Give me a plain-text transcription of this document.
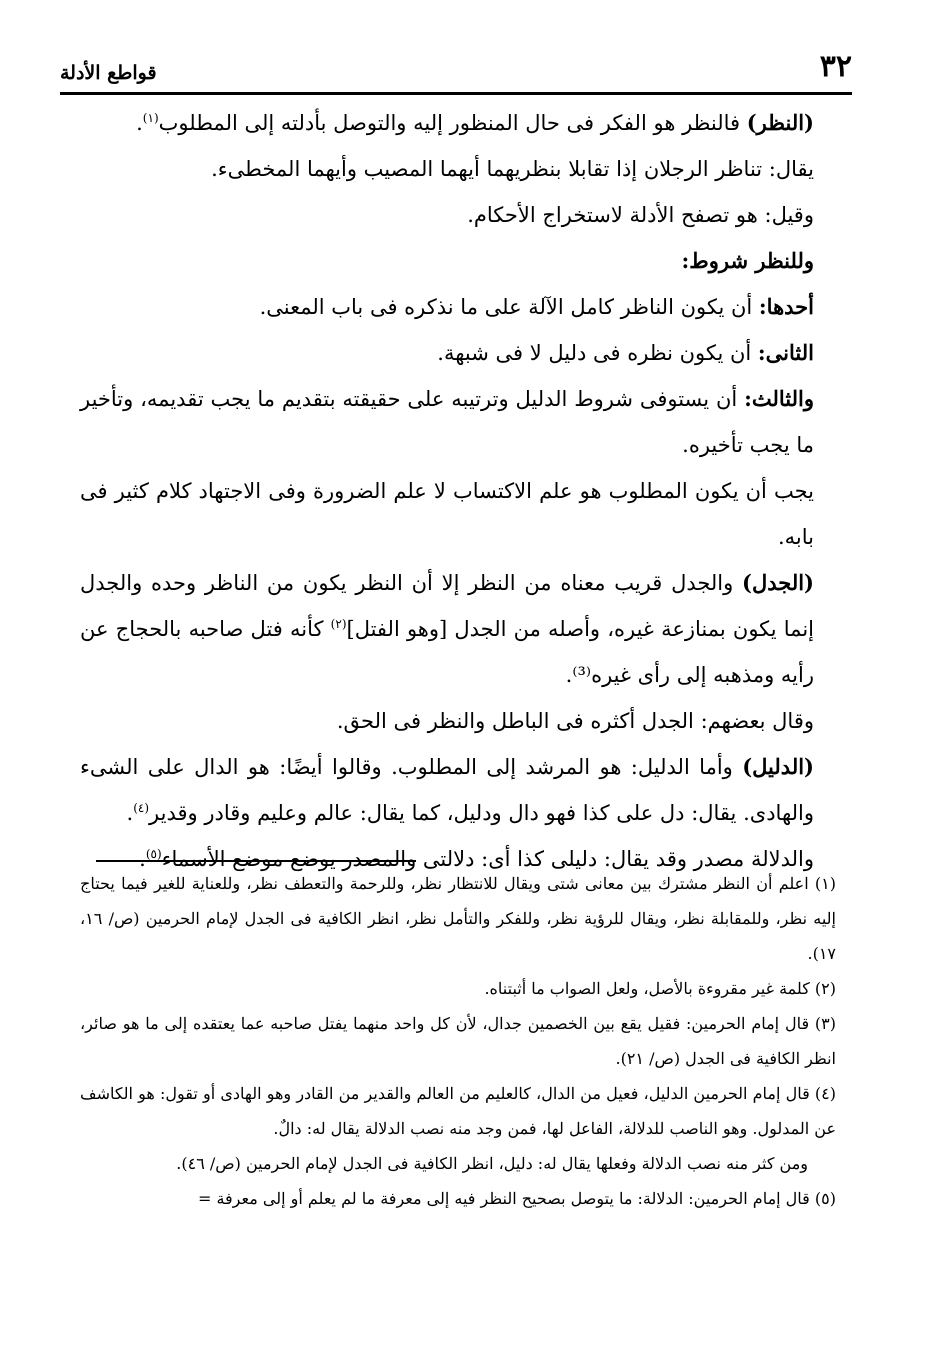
٣٢
قواطع الأدلة

(النظر) فالنظر هو الفكر فى حال المنظور إليه والتوصل بأدلته إلى المطلوب$^{(١)}$.

يقال: تناظر الرجلان إذا تقابلا بنظريهما أيهما المصيب وأيهما المخطىء.

وقيل: هو تصفح الأدلة لاستخراج الأحكام.

وللنظر شروط:

أحدها: أن يكون الناظر كامل الآلة على ما نذكره فى باب المعنى.

الثانى: أن يكون نظره فى دليل لا فى شبهة.

والثالث: أن يستوفى شروط الدليل وترتيبه على حقيقته بتقديم ما يجب تقديمه، وتأخير ما يجب تأخيره.

يجب أن يكون المطلوب هو علم الاكتساب لا علم الضرورة وفى الاجتهاد كلام كثير فى بابه.

(الجدل) والجدل قريب معناه من النظر إلا أن النظر يكون من الناظر وحده والجدل إنما يكون بمنازعة غيره، وأصله من الجدل [وهو الفتل]$^{(٢)}$ كأنه فتل صاحبه بالحجاج عن رأيه ومذهبه إلى رأى غيره⁽³⁾.

وقال بعضهم: الجدل أكثره فى الباطل والنظر فى الحق.

(الدليل) وأما الدليل: هو المرشد إلى المطلوب. وقالوا أيضًا: هو الدال على الشىء والهادى. يقال: دل على كذا فهو دال ودليل، كما يقال: عالم وعليم وقادر وقدير$^{(٤)}$.

والدلالة مصدر وقد يقال: دليلى كذا أى: دلالتى والمصدر يوضع موضع الأسماء$^{(٥)}$.

(١) اعلم أن النظر مشترك بين معانى شتى ويقال للانتظار نظر، وللرحمة والتعطف نظر، وللعناية للغير فيما يحتاج إليه نظر، وللمقابلة نظر، ويقال للرؤية نظر، وللفكر والتأمل نظر، انظر الكافية فى الجدل لإمام الحرمين (ص/ ١٦، ١٧).

(٢) كلمة غير مقروءة بالأصل، ولعل الصواب ما أثبتناه.

(٣) قال إمام الحرمين: فقيل يقع بين الخصمين جدال، لأن كل واحد منهما يفتل صاحبه عما يعتقده إلى ما هو صائر، انظر الكافية فى الجدل (ص/ ٢١).

(٤) قال إمام الحرمين الدليل، فعيل من الدال، كالعليم من العالم والقدير من القادر وهو الهادى أو تقول: هو الكاشف عن المدلول. وهو الناصب للدلالة، الفاعل لها، فمن وجد منه نصب الدلالة يقال له: دالٌ.

ومن كثر منه نصب الدلالة وفعلها يقال له: دليل، انظر الكافية فى الجدل لإمام الحرمين (ص/ ٤٦).

(٥) قال إمام الحرمين: الدلالة: ما يتوصل بصحيح النظر فيه إلى معرفة ما لم يعلم أو إلى معرفة =
